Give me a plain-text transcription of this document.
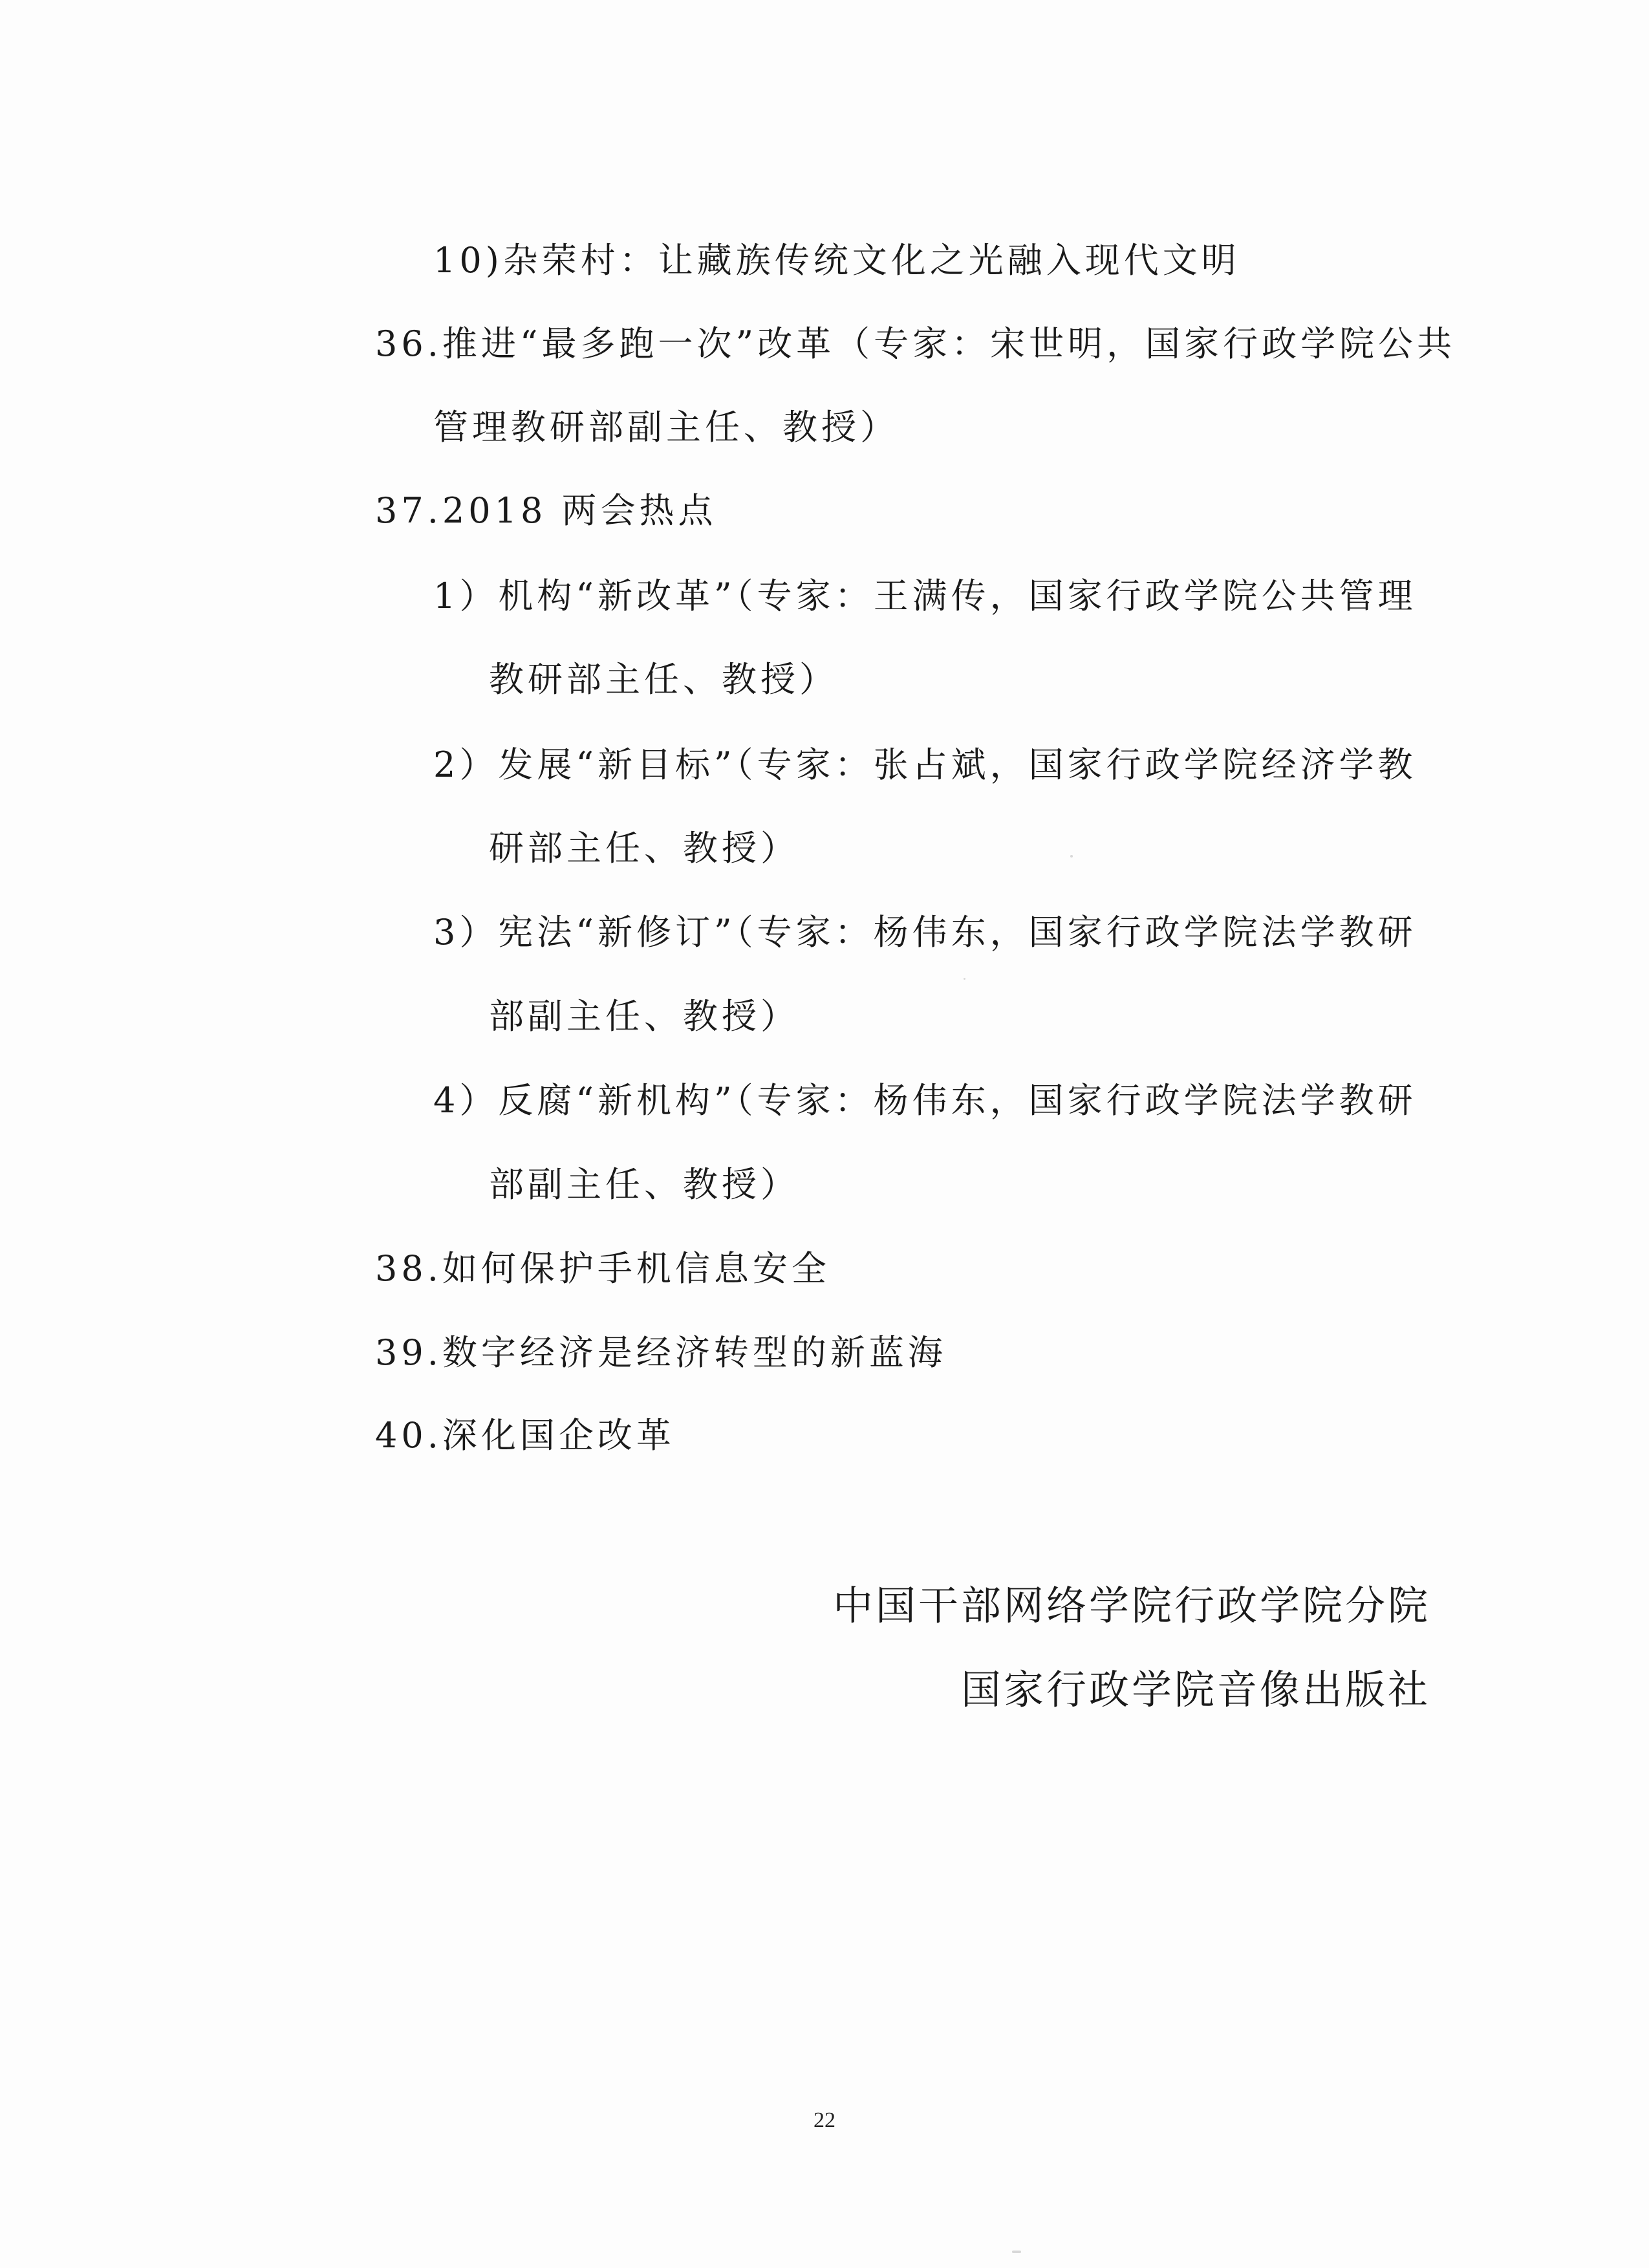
10)杂荣村：让藏族传统文化之光融入现代文明
36.推进“最多跑一次”改革（专家：宋世明，国家行政学院公共
管理教研部副主任、教授）
37.2018 两会热点
1）机构“新改革”（专家：王满传，国家行政学院公共管理
教研部主任、教授）
2）发展“新目标”（专家：张占斌，国家行政学院经济学教
研部主任、教授）
3）宪法“新修订”（专家：杨伟东，国家行政学院法学教研
部副主任、教授）
4）反腐“新机构”（专家：杨伟东，国家行政学院法学教研
部副主任、教授）
38.如何保护手机信息安全
39.数字经济是经济转型的新蓝海
40.深化国企改革
中国干部网络学院行政学院分院
国家行政学院音像出版社
22
